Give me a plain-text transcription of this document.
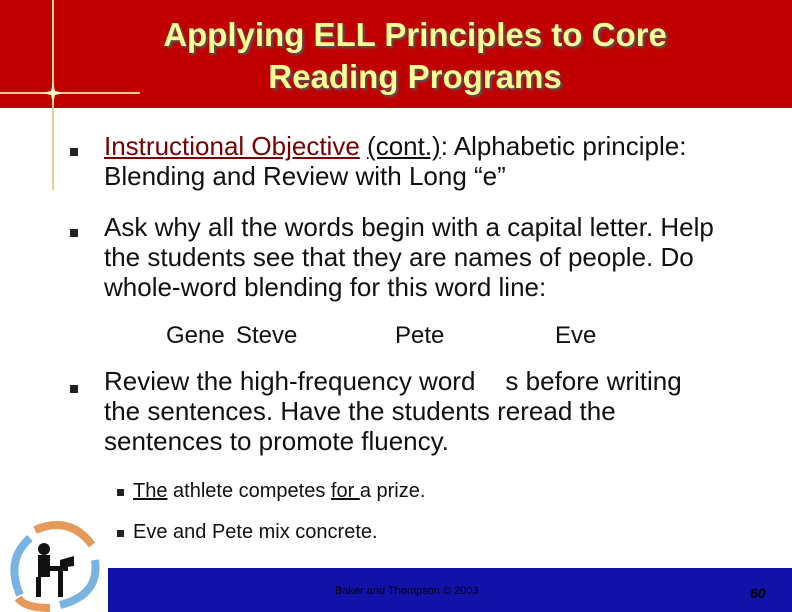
Applying ELL Principles to Core
Reading Programs
Instructional Objective (cont.): Alphabetic principle:
Blending and Review with Long “e”
Ask why all the words begin with a capital letter. Help
the students see that they are names of people. Do
whole-word blending for this word line:
Gene Steve	Pete	Eve
Review the high-frequency word s before writing
the sentences. Have the students reread the
sentences to promote fluency.
The athlete competes for a prize.
Eve and Pete mix concrete.
Baker and Thompson © 2003	60
